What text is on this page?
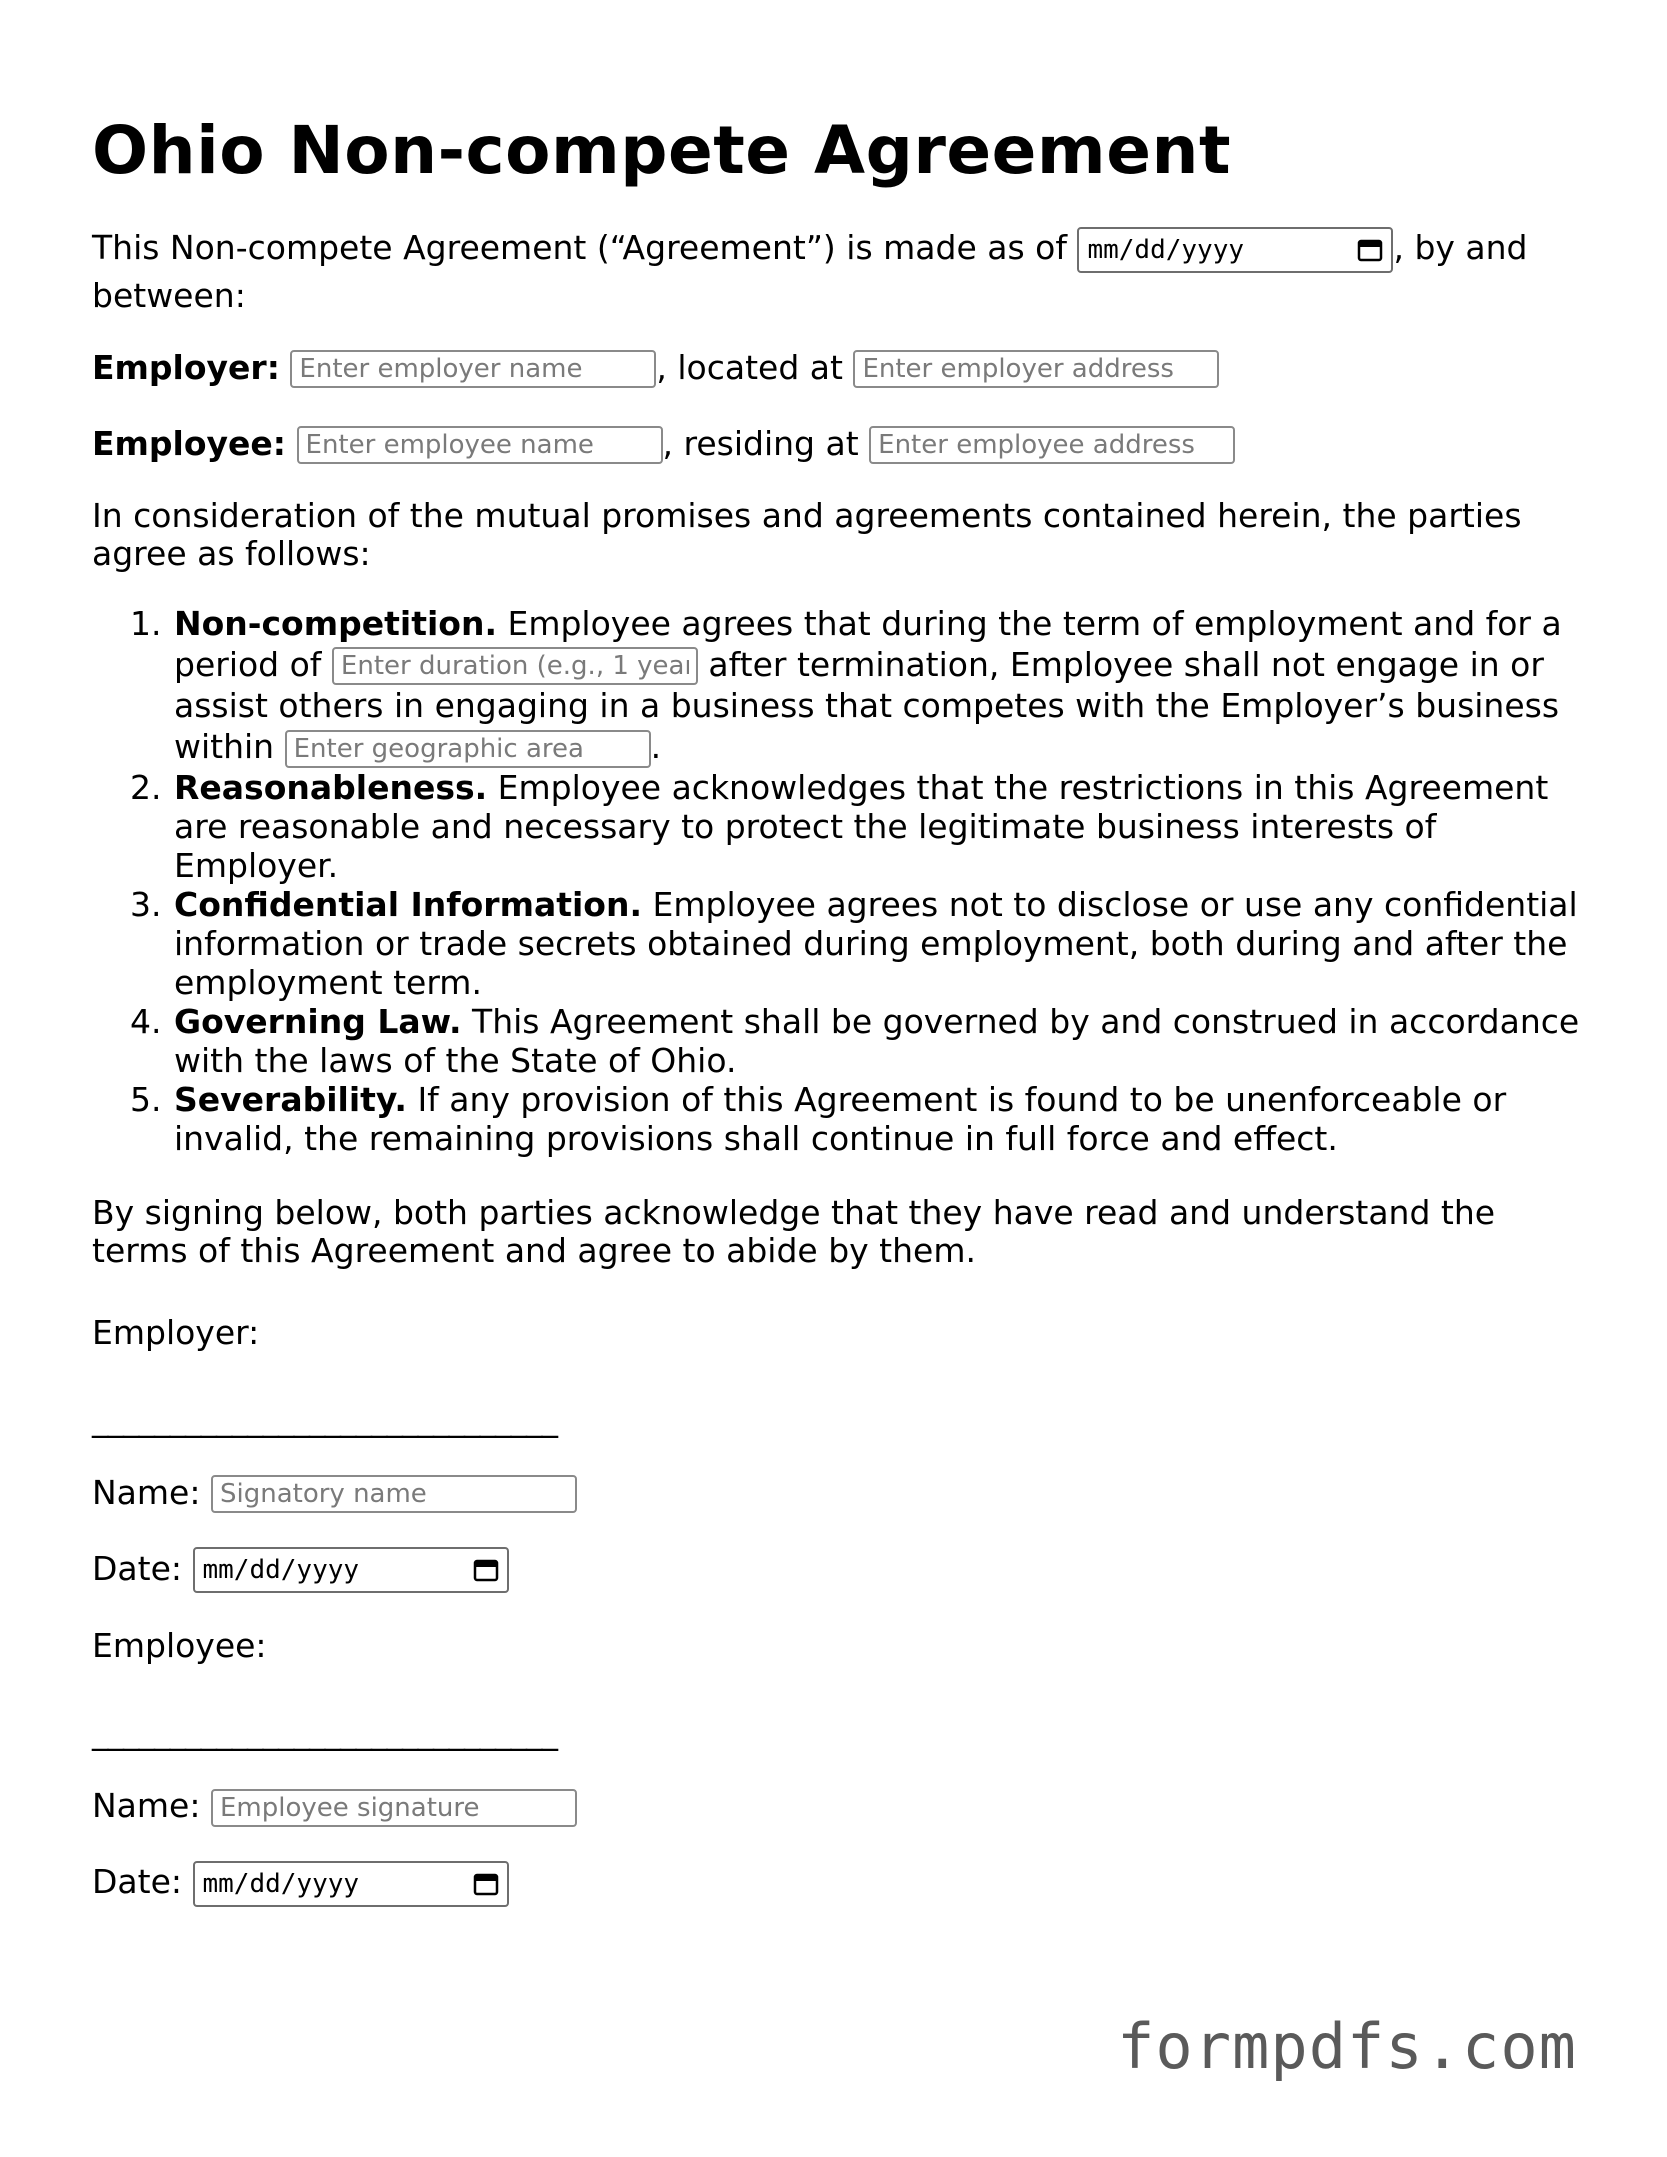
Ohio Non-compete Agreement

This Non-compete Agreement (“Agreement”) is made as of mm/dd/yyyy	, by and between:

Employer: Enter employer name	, located at Enter employer address

Employee: Enter employee name	, residing at Enter employee address

In consideration of the mutual promises and agreements contained herein, the parties agree as follows:

1. Non-competition. Employee agrees that during the term of employment and for a period of Enter duration (e.g., 1 year)	after termination, Employee shall not engage in or assist others in engaging in a business that competes with the Employer’s business within Enter geographic area	.
2. Reasonableness. Employee acknowledges that the restrictions in this Agreement are reasonable and necessary to protect the legitimate business interests of Employer.
3. Confidential Information. Employee agrees not to disclose or use any confidential information or trade secrets obtained during employment, both during and after the employment term.
4. Governing Law. This Agreement shall be governed by and construed in accordance with the laws of the State of Ohio.
5. Severability. If any provision of this Agreement is found to be unenforceable or invalid, the remaining provisions shall continue in full force and effect.

By signing below, both parties acknowledge that they have read and understand the terms of this Agreement and agree to abide by them.

Employer:

______________________________

Name: Signatory name

Date: mm/dd/yyyy

Employee:

______________________________

Name: Employee signature

Date: mm/dd/yyyy

formpdfs.com
